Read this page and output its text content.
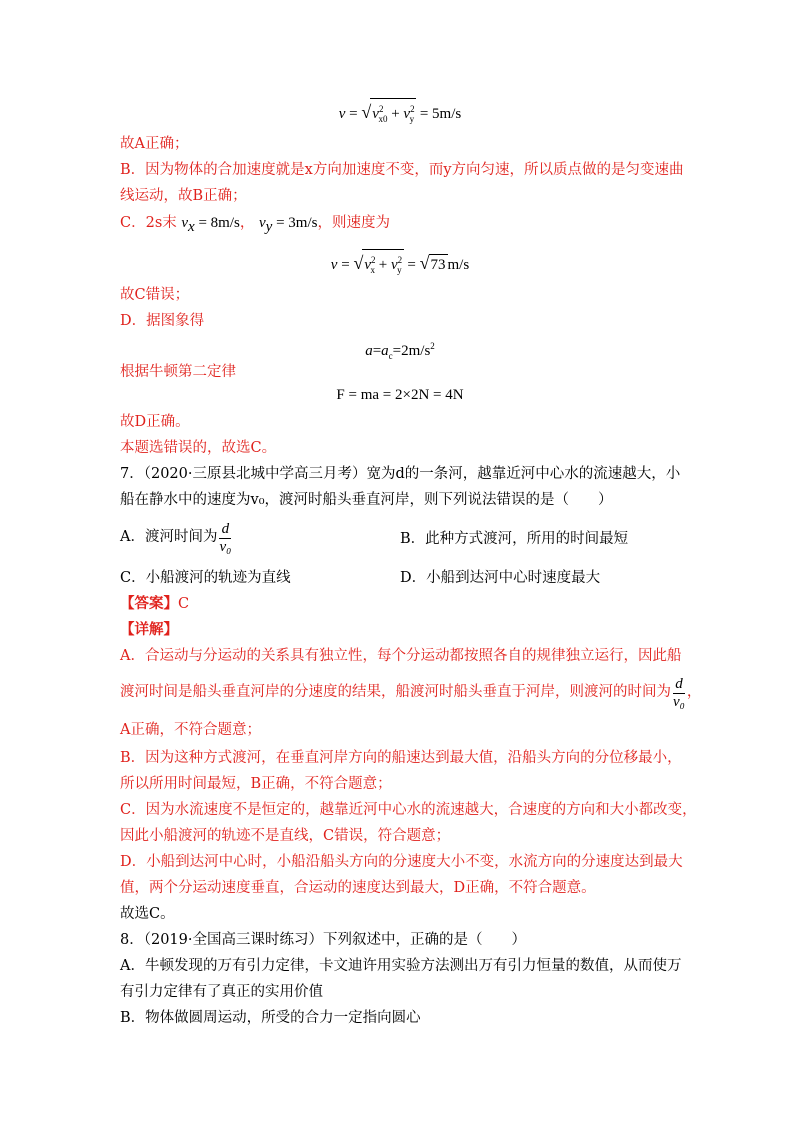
$v = √v^2_{x0} + v^2_y = 5m/s$
故A正确；
B．因为物体的合加速度就是x方向加速度不变，而y方向匀速，所以质点做的是匀变速曲
线运动，故B正确；
C．2s末 $v_x = 8m/s$， $v_y = 3m/s$，则速度为
$v = √v^2_x + v^2_y = √73$ m/s
故C错误；
D．据图象得
$a=a_c=2m/s^2$
根据牛顿第二定律
F = ma = 2×2N = 4N
故D正确。
本题选错误的，故选C。
7．（2020·三原县北城中学高三月考）宽为d的一条河，越靠近河中心水的流速越大，小
船在静水中的速度为v₀，渡河时船头垂直河岸，则下列说法错误的是（　　）
A．渡河时间为 $\frac{d}{\text{v₀}}$	B．此种方式渡河，所用的时间最短
C．小船渡河的轨迹为直线	D．小船到达河中心时速度最大
【答案】C
【详解】
A．合运动与分运动的关系具有独立性，每个分运动都按照各自的规律独立运行，因此船
渡河时间是船头垂直河岸的分速度的结果，船渡河时船头垂直于河岸，则渡河的时间为 $\frac{d}{\text{v₀}}$ ，
A正确，不符合题意；
B．因为这种方式渡河，在垂直河岸方向的船速达到最大值，沿船头方向的分位移最小，
所以所用时间最短，B正确，不符合题意；
C．因为水流速度不是恒定的，越靠近河中心水的流速越大，合速度的方向和大小都改变，
因此小船渡河的轨迹不是直线，C错误，符合题意；
D．小船到达河中心时，小船沿船头方向的分速度大小不变，水流方向的分速度达到最大
值，两个分运动速度垂直，合运动的速度达到最大，D正确，不符合题意。
故选C。
8．（2019·全国高三课时练习）下列叙述中，正确的是（　　）
A．牛顿发现的万有引力定律，卡文迪许用实验方法测出万有引力恒量的数值，从而使万
有引力定律有了真正的实用价值
B．物体做圆周运动，所受的合力一定指向圆心
